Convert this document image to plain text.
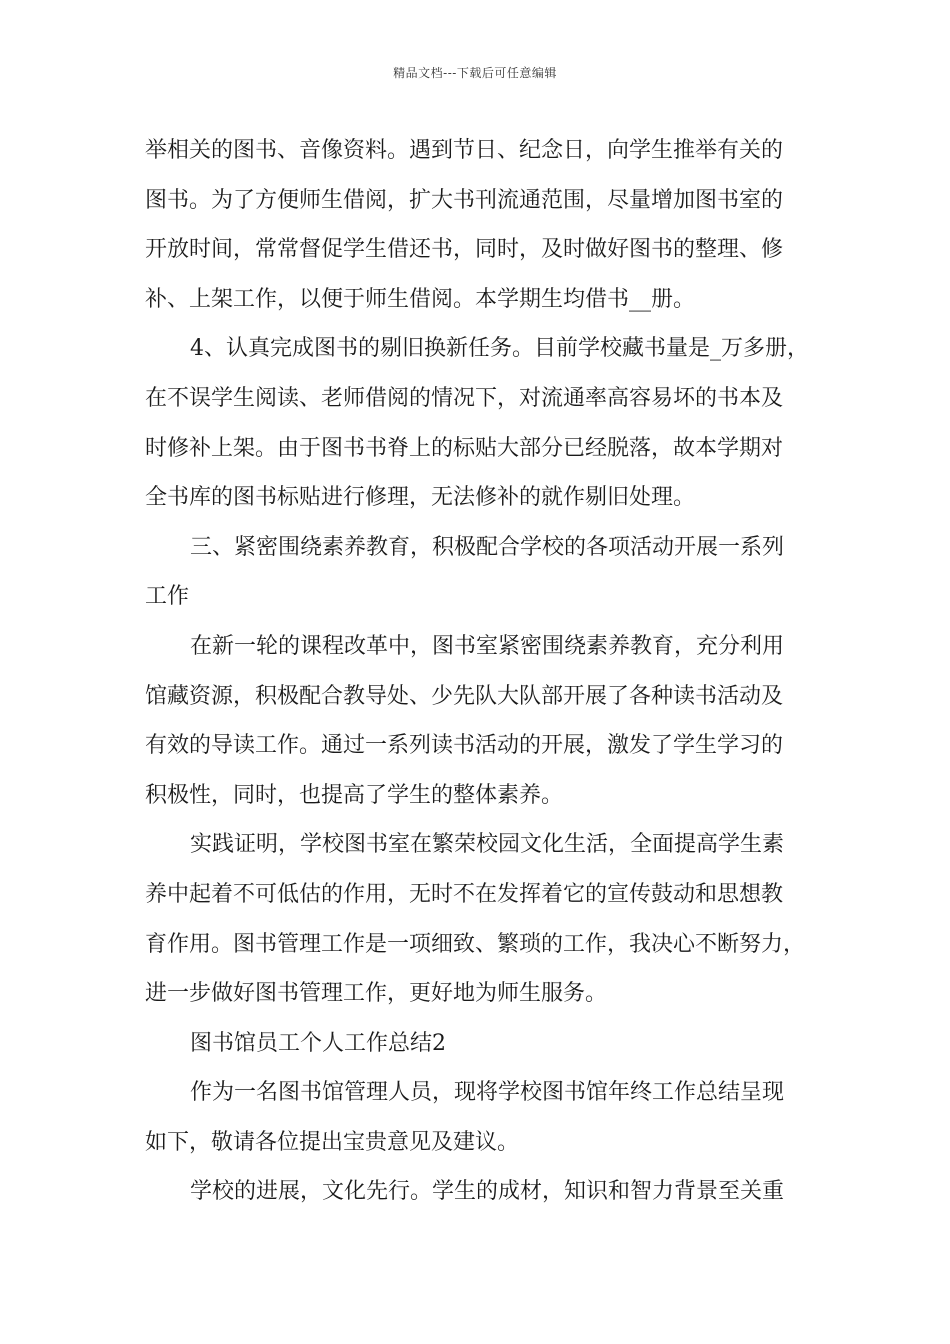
精品文档---下载后可任意编辑
举相关的图书、音像资料。遇到节日、纪念日，向学生推举有关的
图书。为了方便师生借阅，扩大书刊流通范围，尽量增加图书室的
开放时间，常常督促学生借还书，同时，及时做好图书的整理、修
补、上架工作，以便于师生借阅。本学期生均借书__册。
4、认真完成图书的剔旧换新任务。目前学校藏书量是_万多册，
在不误学生阅读、老师借阅的情况下，对流通率高容易坏的书本及
时修补上架。由于图书书脊上的标贴大部分已经脱落，故本学期对
全书库的图书标贴进行修理，无法修补的就作剔旧处理。
三、紧密围绕素养教育，积极配合学校的各项活动开展一系列
工作
在新一轮的课程改革中，图书室紧密围绕素养教育，充分利用
馆藏资源，积极配合教导处、少先队大队部开展了各种读书活动及
有效的导读工作。通过一系列读书活动的开展，激发了学生学习的
积极性，同时，也提高了学生的整体素养。
实践证明，学校图书室在繁荣校园文化生活，全面提高学生素
养中起着不可低估的作用，无时不在发挥着它的宣传鼓动和思想教
育作用。图书管理工作是一项细致、繁琐的工作，我决心不断努力，
进一步做好图书管理工作，更好地为师生服务。
图书馆员工个人工作总结2
作为一名图书馆管理人员，现将学校图书馆年终工作总结呈现
如下，敬请各位提出宝贵意见及建议。
学校的进展，文化先行。学生的成材，知识和智力背景至关重
